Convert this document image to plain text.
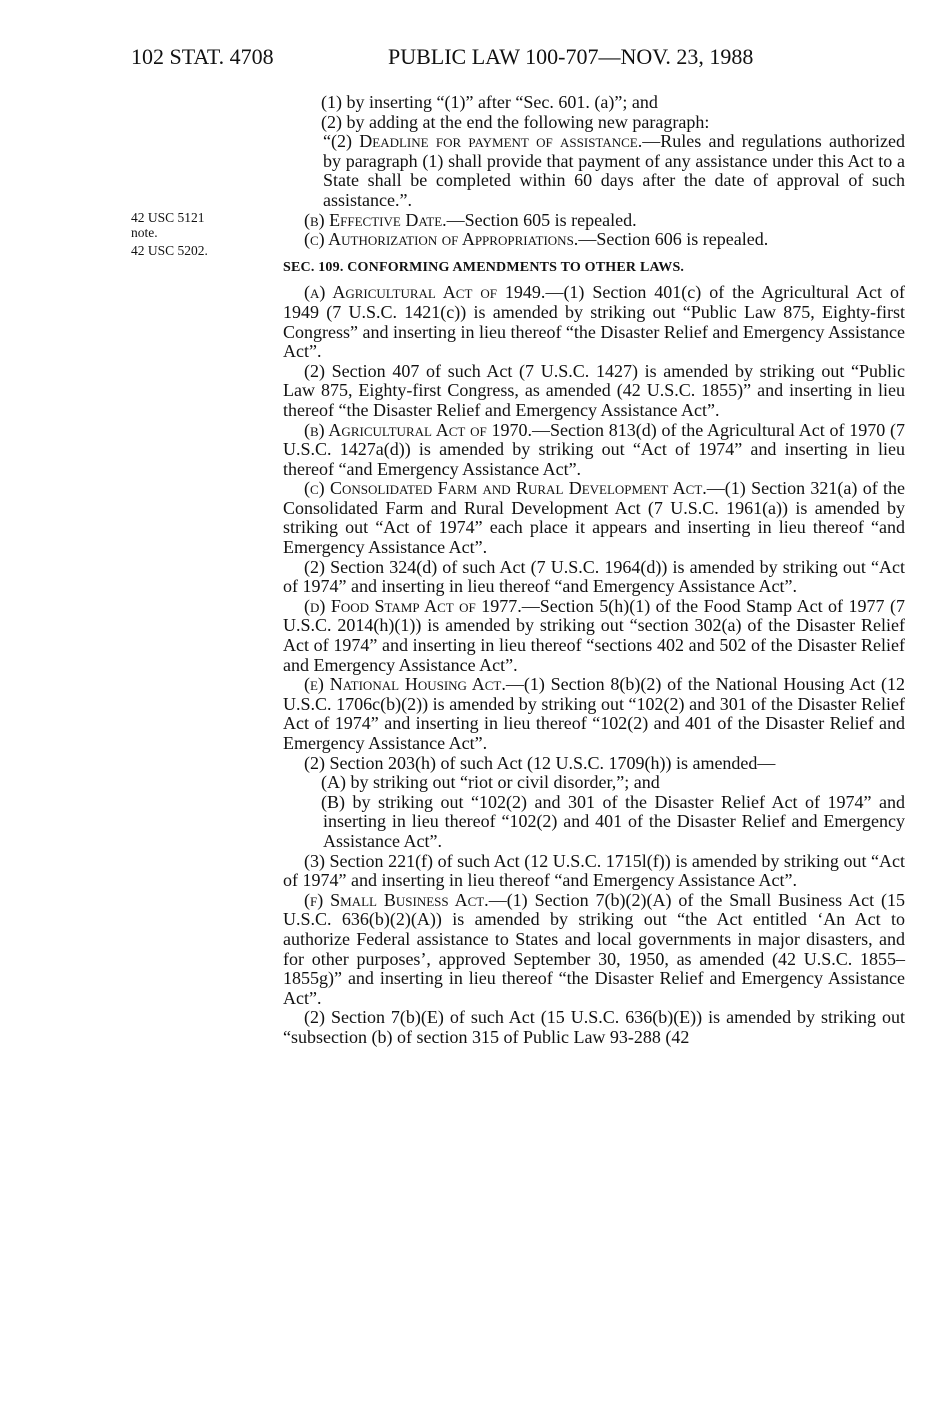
102 STAT. 4708	PUBLIC LAW 100-707—NOV. 23, 1988
42 USC 5121
note.
42 USC 5202.

(1) by inserting “(1)” after “Sec. 601. (a)”; and

(2) by adding at the end the following new paragraph:

“(2) Deadline for payment of assistance.—Rules and regulations authorized by paragraph (1) shall provide that payment of any assistance under this Act to a State shall be completed within 60 days after the date of approval of such assistance.”.

(b) Effective Date.—Section 605 is repealed.

(c) Authorization of Appropriations.—Section 606 is repealed.

SEC. 109. CONFORMING AMENDMENTS TO OTHER LAWS.

(a) Agricultural Act of 1949.—(1) Section 401(c) of the Agricultural Act of 1949 (7 U.S.C. 1421(c)) is amended by striking out “Public Law 875, Eighty-first Congress” and inserting in lieu thereof “the Disaster Relief and Emergency Assistance Act”.

(2) Section 407 of such Act (7 U.S.C. 1427) is amended by striking out “Public Law 875, Eighty-first Congress, as amended (42 U.S.C. 1855)” and inserting in lieu thereof “the Disaster Relief and Emergency Assistance Act”.

(b) Agricultural Act of 1970.—Section 813(d) of the Agricultural Act of 1970 (7 U.S.C. 1427a(d)) is amended by striking out “Act of 1974” and inserting in lieu thereof “and Emergency Assistance Act”.

(c) Consolidated Farm and Rural Development Act.—(1) Section 321(a) of the Consolidated Farm and Rural Development Act (7 U.S.C. 1961(a)) is amended by striking out “Act of 1974” each place it appears and inserting in lieu thereof “and Emergency Assistance Act”.

(2) Section 324(d) of such Act (7 U.S.C. 1964(d)) is amended by striking out “Act of 1974” and inserting in lieu thereof “and Emergency Assistance Act”.

(d) Food Stamp Act of 1977.—Section 5(h)(1) of the Food Stamp Act of 1977 (7 U.S.C. 2014(h)(1)) is amended by striking out “section 302(a) of the Disaster Relief Act of 1974” and inserting in lieu thereof “sections 402 and 502 of the Disaster Relief and Emergency Assistance Act”.

(e) National Housing Act.—(1) Section 8(b)(2) of the National Housing Act (12 U.S.C. 1706c(b)(2)) is amended by striking out “102(2) and 301 of the Disaster Relief Act of 1974” and inserting in lieu thereof “102(2) and 401 of the Disaster Relief and Emergency Assistance Act”.

(2) Section 203(h) of such Act (12 U.S.C. 1709(h)) is amended—

(A) by striking out “riot or civil disorder,”; and

(B) by striking out “102(2) and 301 of the Disaster Relief Act of 1974” and inserting in lieu thereof “102(2) and 401 of the Disaster Relief and Emergency Assistance Act”.

(3) Section 221(f) of such Act (12 U.S.C. 1715l(f)) is amended by striking out “Act of 1974” and inserting in lieu thereof “and Emergency Assistance Act”.

(f) Small Business Act.—(1) Section 7(b)(2)(A) of the Small Business Act (15 U.S.C. 636(b)(2)(A)) is amended by striking out “the Act entitled ‘An Act to authorize Federal assistance to States and local governments in major disasters, and for other purposes’, approved September 30, 1950, as amended (42 U.S.C. 1855–1855g)” and inserting in lieu thereof “the Disaster Relief and Emergency Assistance Act”.

(2) Section 7(b)(E) of such Act (15 U.S.C. 636(b)(E)) is amended by striking out “subsection (b) of section 315 of Public Law 93-288 (42
